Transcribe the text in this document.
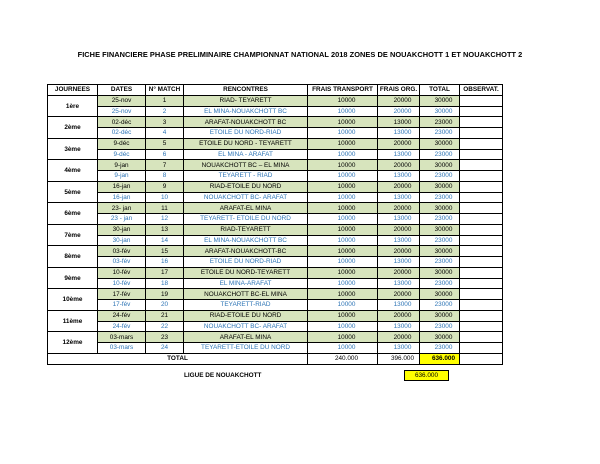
FICHE FINANCIERE PHASE PRELIMINAIRE CHAMPIONNAT NATIONAL 2018 ZONES DE NOUAKCHOTT 1 ET NOUAKCHOTT 2
JOURNEES	DATES	N° MATCH	RENCONTRES	FRAIS TRANSPORT	FRAIS ORG.	TOTAL	OBSERVAT.
1ère	25-nov	1	RIAD- TEYARETT	10000	20000	30000	
	25-nov	2	EL MINA-NOUAKCHOTT BC	10000	20000	30000	
2ème	02-déc	3	ARAFAT-NOUAKCHOTT BC	10000	13000	23000	
	02-déc	4	ETOILE DU NORD-RIAD	10000	13000	23000	
3ème	9-déc	5	ETOILE DU NORD - TEYARETT	10000	20000	30000	
	9-déc	6	EL MINA - ARAFAT	10000	13000	23000	
4ème	9-jan	7	NOUAKCHOTT BC – EL MINA	10000	20000	30000	
	9-jan	8	TEYARETT - RIAD	10000	13000	23000	
5ème	16-jan	9	RIAD-ETOILE DU NORD	10000	20000	30000	
	16-jan	10	NOUAKCHOTT BC- ARAFAT	10000	13000	23000	
6ème	23- jan	11	ARAFAT-EL MINA	10000	20000	30000	
	23 - jan	12	TEYARETT- ETOILE DU NORD	10000	13000	23000	
7ème	30-jan	13	RIAD-TEYARETT	10000	20000	30000	
	30-jan	14	EL MINA-NOUAKCHOTT BC	10000	13000	23000	
8ème	03-fév	15	ARAFAT-NOUAKCHOTT-BC	10000	20000	30000	
	03-fév	16	ETOILE DU NORD-RIAD	10000	13000	23000	
9ème	10-fév	17	ETOILE DU NORD-TEYARETT	10000	20000	30000	
	10-fév	18	EL MINA-ARAFAT	10000	13000	23000	
10ème	17-fév	19	NOUAKCHOTT BC-EL MINA	10000	20000	30000	
	17-fév	20	TEYARETT-RIAD	10000	13000	23000	
11ème	24-fév	21	RIAD-ETOILE DU NORD	10000	20000	30000	
	24-fév	22	NOUAKCHOTT BC- ARAFAT	10000	13000	23000	
12ème	03-mars	23	ARAFAT-EL MINA	10000	20000	30000	
	03-mars	24	TEYARETT-ETOILE DU NORD	10000	13000	23000	
TOTAL				240.000	396.000	636.000	
LIGUE DE NOUAKCHOTT	636.000
